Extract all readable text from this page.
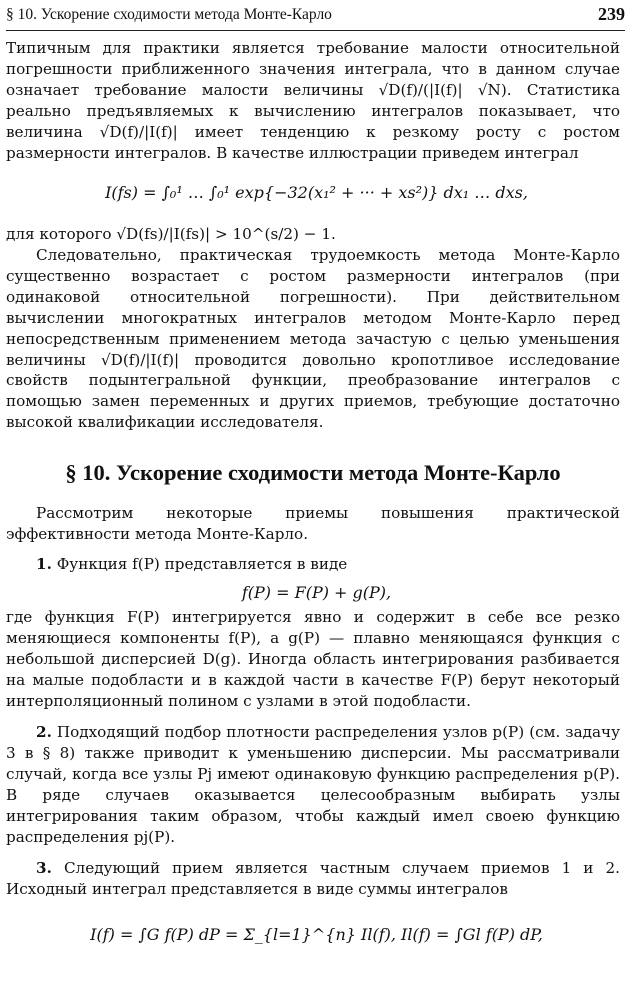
§ 10. Ускорение сходимости метода Монте-Карло	239
Типичным для практики является требование малости относительной погрешности приближенного значения интеграла, что в данном случае означает требование малости величины √D(f)/(|I(f)| √N). Статистика реально предъявляемых к вычислению интегралов показывает, что величина √D(f)/|I(f)| имеет тенденцию к резкому росту с ростом размерности интегралов. В качестве иллюстрации приведем интеграл
I(fs) = ∫₀¹ … ∫₀¹ exp{−32(x₁² + ··· + xs²)} dx₁ … dxs,
для которого √D(fs)/|I(fs)| > 10^(s/2) − 1.
Следовательно, практическая трудоемкость метода Монте-Карло существенно возрастает с ростом размерности интегралов (при одинаковой относительной погрешности). При действительном вычислении многократных интегралов методом Монте-Карло перед непосредственным применением метода зачастую с целью уменьшения величины √D(f)/|I(f)| проводится довольно кропотливое исследование свойств подынтегральной функции, преобразование интегралов с помощью замен переменных и других приемов, требующие достаточно высокой квалификации исследователя.
§ 10. Ускорение сходимости метода Монте-Карло
Рассмотрим некоторые приемы повышения практической эффективности метода Монте-Карло.
1. Функция f(P) представляется в виде
f(P) = F(P) + g(P),
где функция F(P) интегрируется явно и содержит в себе все резко меняющиеся компоненты f(P), а g(P) — плавно меняющаяся функция с небольшой дисперсией D(g). Иногда область интегрирования разбивается на малые подобласти и в каждой части в качестве F(P) берут некоторый интерполяционный полином с узлами в этой подобласти.
2. Подходящий подбор плотности распределения узлов p(P) (см. задачу 3 в § 8) также приводит к уменьшению дисперсии. Мы рассматривали случай, когда все узлы Pj имеют одинаковую функцию распределения p(P). В ряде случаев оказывается целесообразным выбирать узлы интегрирования таким образом, чтобы каждый имел своею функцию распределения pj(P).
3. Следующий прием является частным случаем приемов 1 и 2. Исходный интеграл представляется в виде суммы интегралов
I(f) = ∫G f(P) dP = Σ_{l=1}^{n} Il(f), Il(f) = ∫Gl f(P) dP,
